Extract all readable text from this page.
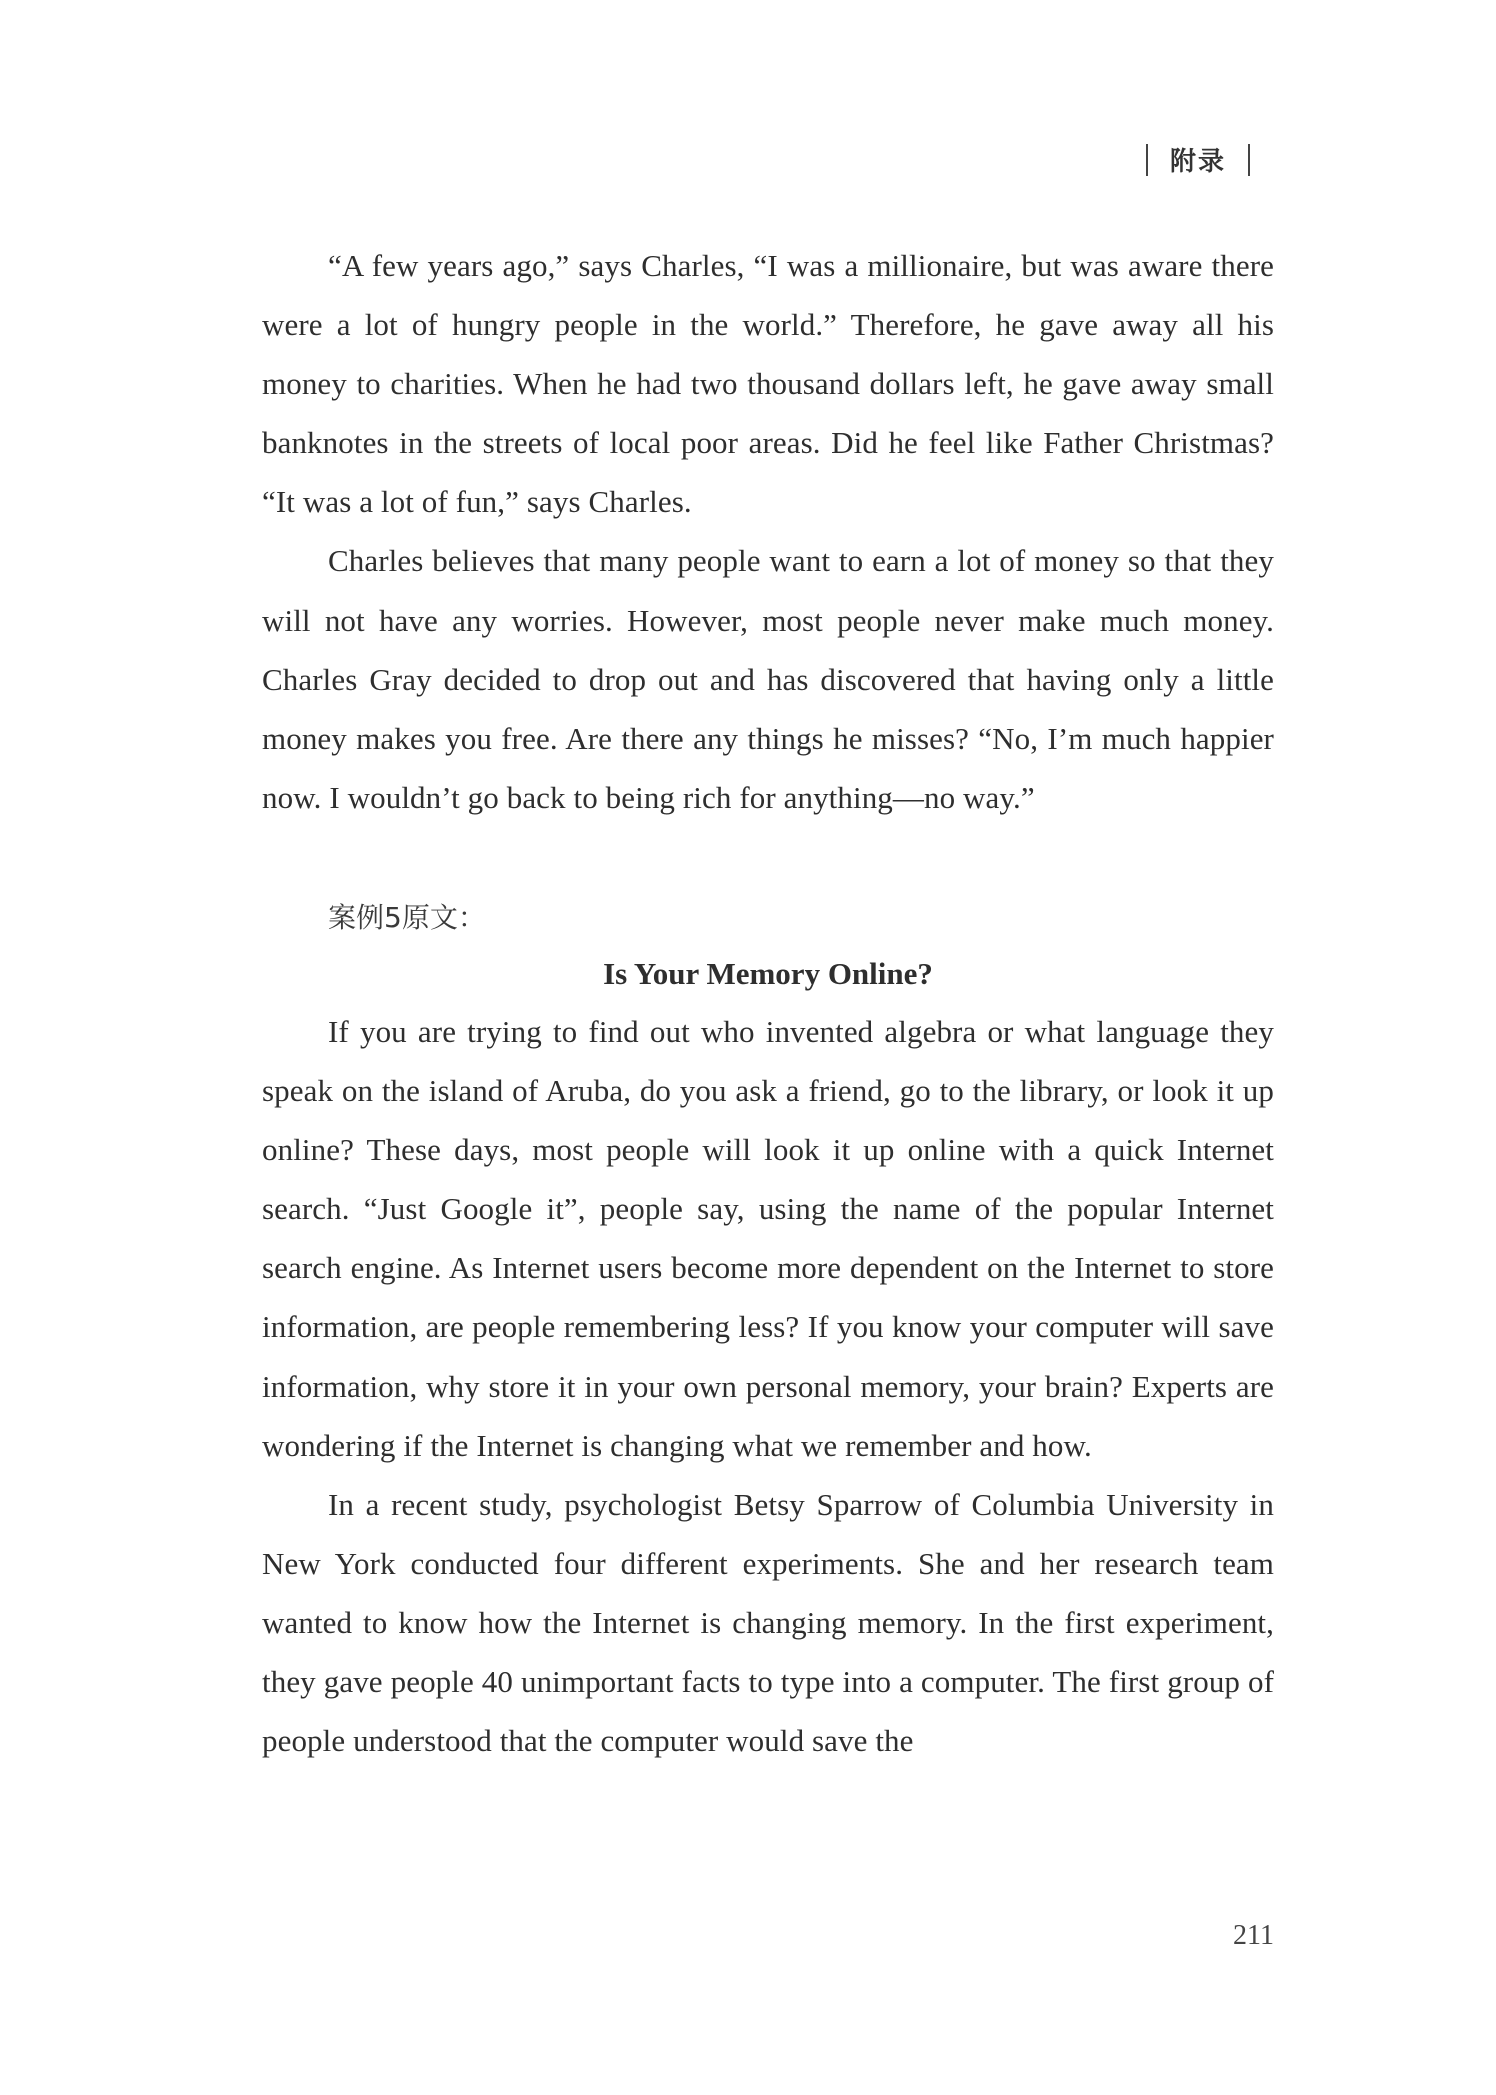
附录

“A few years ago,” says Charles, “I was a millionaire, but was aware there were a lot of hungry people in the world.” Therefore, he gave away all his money to charities. When he had two thousand dollars left, he gave away small banknotes in the streets of local poor areas. Did he feel like Father Christmas? “It was a lot of fun,” says Charles.

Charles believes that many people want to earn a lot of money so that they will not have any worries. However, most people never make much money. Charles Gray decided to drop out and has discovered that having only a little money makes you free. Are there any things he misses? “No, I’m much happier now. I wouldn’t go back to being rich for anything—no way.”

案例5原文：
Is Your Memory Online?

If you are trying to find out who invented algebra or what language they speak on the island of Aruba, do you ask a friend, go to the library, or look it up online? These days, most people will look it up online with a quick Internet search. “Just Google it”, people say, using the name of the popular Internet search engine. As Internet users become more dependent on the Internet to store information, are people remembering less? If you know your computer will save information, why store it in your own personal memory, your brain? Experts are wondering if the Internet is changing what we remember and how.

In a recent study, psychologist Betsy Sparrow of Columbia University in New York conducted four different experiments. She and her research team wanted to know how the Internet is changing memory. In the first experiment, they gave people 40 unimportant facts to type into a computer. The first group of people understood that the computer would save the

211
